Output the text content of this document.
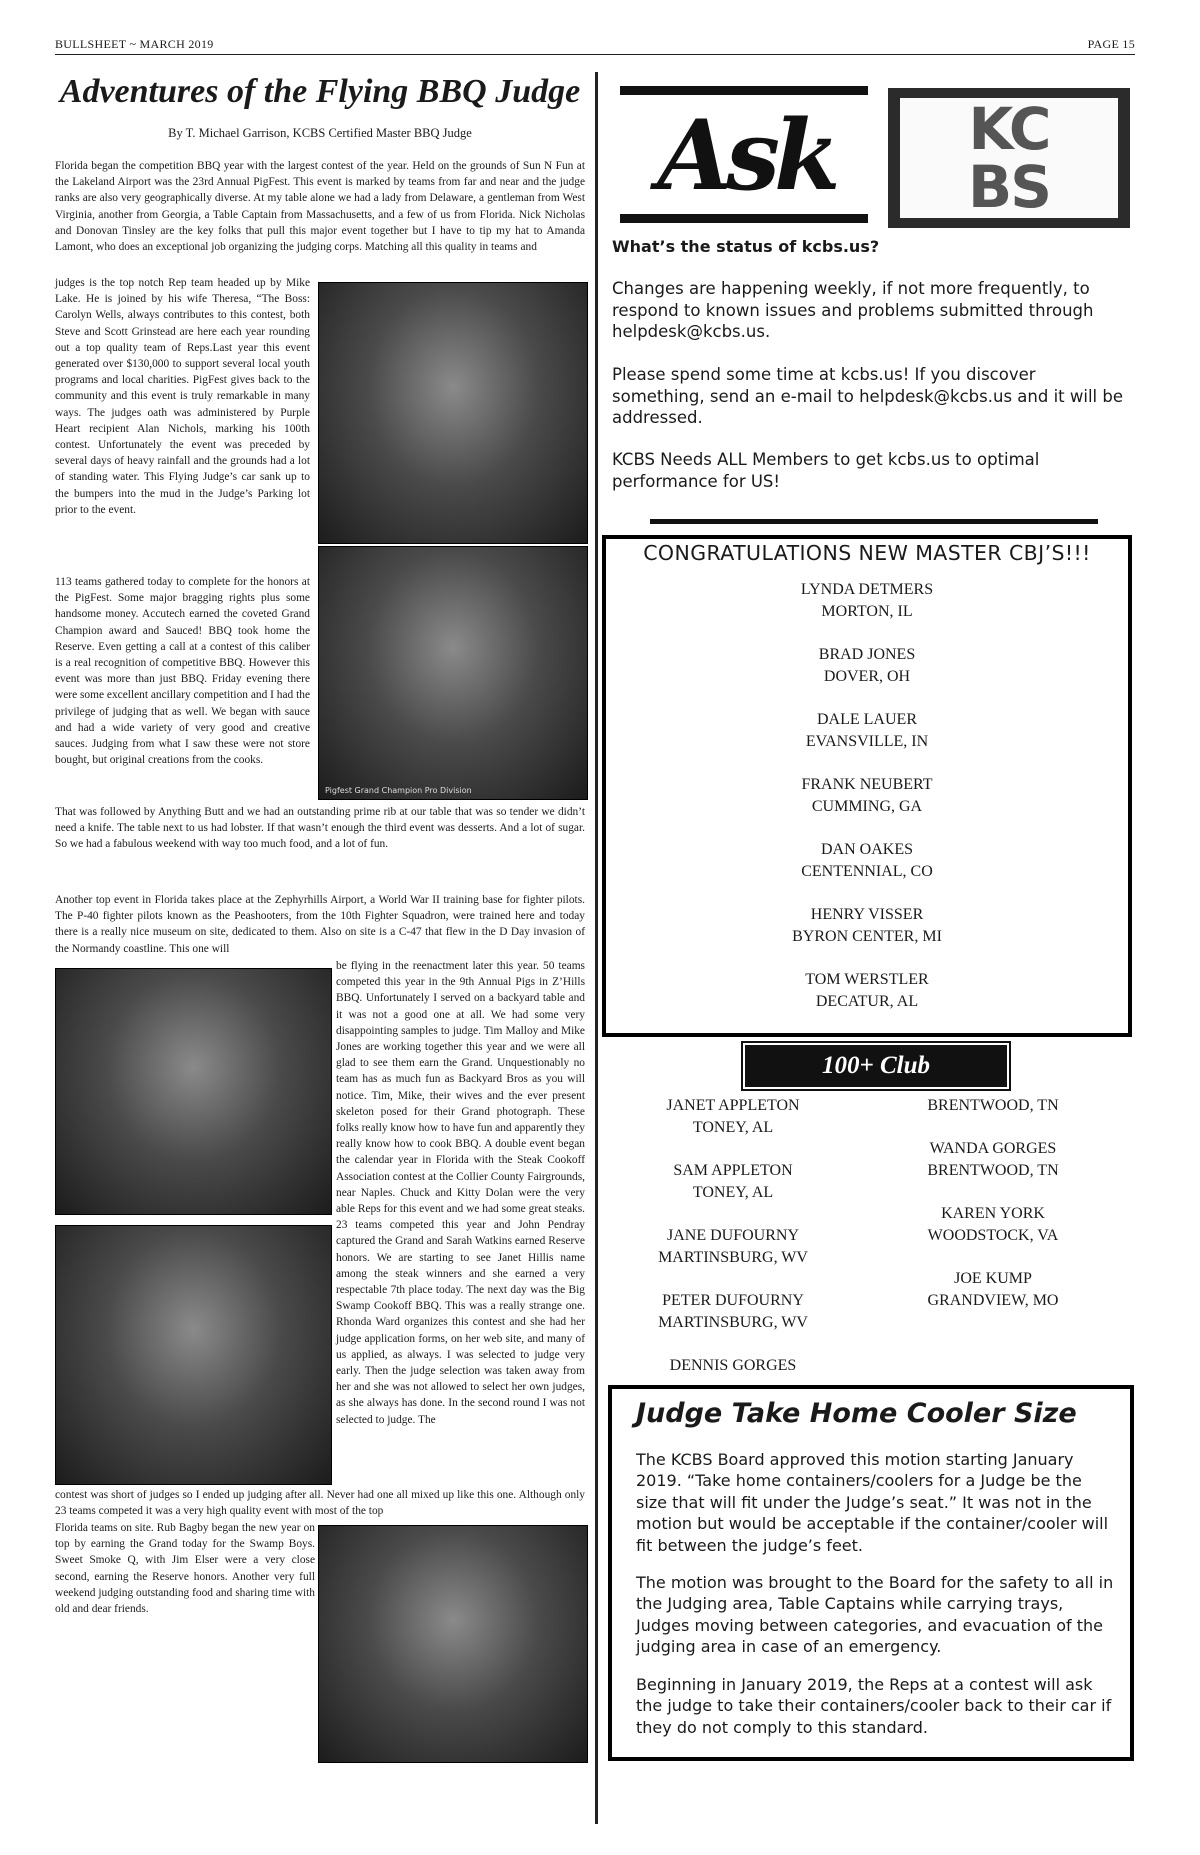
BULLSHEET ~ MARCH 2019	PAGE 15
Adventures of the Flying BBQ Judge
By T. Michael Garrison, KCBS Certified Master BBQ Judge

Florida began the competition BBQ year with the largest contest of the year. Held on the grounds of Sun N Fun at the Lakeland Airport was the 23rd Annual PigFest. This event is marked by teams from far and near and the judge ranks are also very geographically diverse. At my table alone we had a lady from Delaware, a gentleman from West Virginia, another from Georgia, a Table Captain from Massachusetts, and a few of us from Florida. Nick Nicholas and Donovan Tinsley are the key folks that pull this major event together but I have to tip my hat to Amanda Lamont, who does an exceptional job organizing the judging corps. Matching all this quality in teams and

judges is the top notch Rep team headed up by Mike Lake. He is joined by his wife Theresa, “The Boss: Carolyn Wells, always contributes to this contest, both Steve and Scott Grinstead are here each year rounding out a top quality team of Reps.Last year this event generated over $130,000 to support several local youth programs and local charities. PigFest gives back to the community and this event is truly remarkable in many ways. The judges oath was administered by Purple Heart recipient Alan Nichols, marking his 100th contest. Unfortunately the event was preceded by several days of heavy rainfall and the grounds had a lot of standing water. This Flying Judge’s car sank up to the bumpers into the mud in the Judge’s Parking lot prior to the event.

Pigfest Grand Champion Pro Division

113 teams gathered today to complete for the honors at the PigFest. Some major bragging rights plus some handsome money. Accutech earned the coveted Grand Champion award and Sauced! BBQ took home the Reserve. Even getting a call at a contest of this caliber is a real recognition of competitive BBQ. However this event was more than just BBQ. Friday evening there were some excellent ancillary competition and I had the privilege of judging that as well. We began with sauce and had a wide variety of very good and creative sauces. Judging from what I saw these were not store bought, but original creations from the cooks.

That was followed by Anything Butt and we had an outstanding prime rib at our table that was so tender we didn’t need a knife. The table next to us had lobster. If that wasn’t enough the third event was desserts. And a lot of sugar. So we had a fabulous weekend with way too much food, and a lot of fun.

Another top event in Florida takes place at the Zephyrhills Airport, a World War II training base for fighter pilots. The P-40 fighter pilots known as the Peashooters, from the 10th Fighter Squadron, were trained here and today there is a really nice museum on site, dedicated to them. Also on site is a C-47 that flew in the D Day invasion of the Normandy coastline. This one will

be flying in the reenactment later this year. 50 teams competed this year in the 9th Annual Pigs in Z’Hills BBQ. Unfortunately I served on a backyard table and it was not a good one at all. We had some very disappointing samples to judge. Tim Malloy and Mike Jones are working together this year and we were all glad to see them earn the Grand. Unquestionably no team has as much fun as Backyard Bros as you will notice. Tim, Mike, their wives and the ever present skeleton posed for their Grand photograph. These folks really know how to have fun and apparently they really know how to cook BBQ. A double event began the calendar year in Florida with the Steak Cookoff Association contest at the Collier County Fairgrounds, near Naples. Chuck and Kitty Dolan were the very able Reps for this event and we had some great steaks. 23 teams competed this year and John Pendray captured the Grand and Sarah Watkins earned Reserve honors. We are starting to see Janet Hillis name among the steak winners and she earned a very respectable 7th place today. The next day was the Big Swamp Cookoff BBQ. This was a really strange one. Rhonda Ward organizes this contest and she had her judge application forms, on her web site, and many of us applied, as always. I was selected to judge very early. Then the judge selection was taken away from her and she was not allowed to select her own judges, as she always has done. In the second round I was not selected to judge. The

contest was short of judges so I ended up judging after all. Never had one all mixed up like this one. Although only 23 teams competed it was a very high quality event with most of the top

Florida teams on site. Rub Bagby began the new year on top by earning the Grand today for the Swamp Boys. Sweet Smoke Q, with Jim Elser were a very close second, earning the Reserve honors. Another very full weekend judging outstanding food and sharing time with old and dear friends.

Ask	KC
BS
What’s the status of kcbs.us?

Changes are happening weekly, if not more frequently, to respond to known issues and problems submitted through helpdesk@kcbs.us.

Please spend some time at kcbs.us! If you discover something, send an e-mail to helpdesk@kcbs.us and it will be addressed.

KCBS Needs ALL Members to get kcbs.us to optimal performance for US!

CONGRATULATIONS NEW MASTER CBJ’S!!!
LYNDA DETMERS
MORTON, IL
BRAD JONES
DOVER, OH
DALE LAUER
EVANSVILLE, IN
FRANK NEUBERT
CUMMING, GA
DAN OAKES
CENTENNIAL, CO
HENRY VISSER
BYRON CENTER, MI
TOM WERSTLER
DECATUR, AL
100+ Club
JANET APPLETON
TONEY, AL
SAM APPLETON
TONEY, AL
JANE DUFOURNY
MARTINSBURG, WV
PETER DUFOURNY
MARTINSBURG, WV
DENNIS GORGES
BRENTWOOD, TN
WANDA GORGES
BRENTWOOD, TN
KAREN YORK
WOODSTOCK, VA
JOE KUMP
GRANDVIEW, MO
Judge Take Home Cooler Size

The KCBS Board approved this motion starting January 2019. “Take home containers/coolers for a Judge be the size that will fit under the Judge’s seat.” It was not in the motion but would be acceptable if the container/cooler will fit between the judge’s feet.

The motion was brought to the Board for the safety to all in the Judging area, Table Captains while carrying trays, Judges moving between categories, and evacuation of the judging area in case of an emergency.

Beginning in January 2019, the Reps at a contest will ask the judge to take their containers/cooler back to their car if they do not comply to this standard.
